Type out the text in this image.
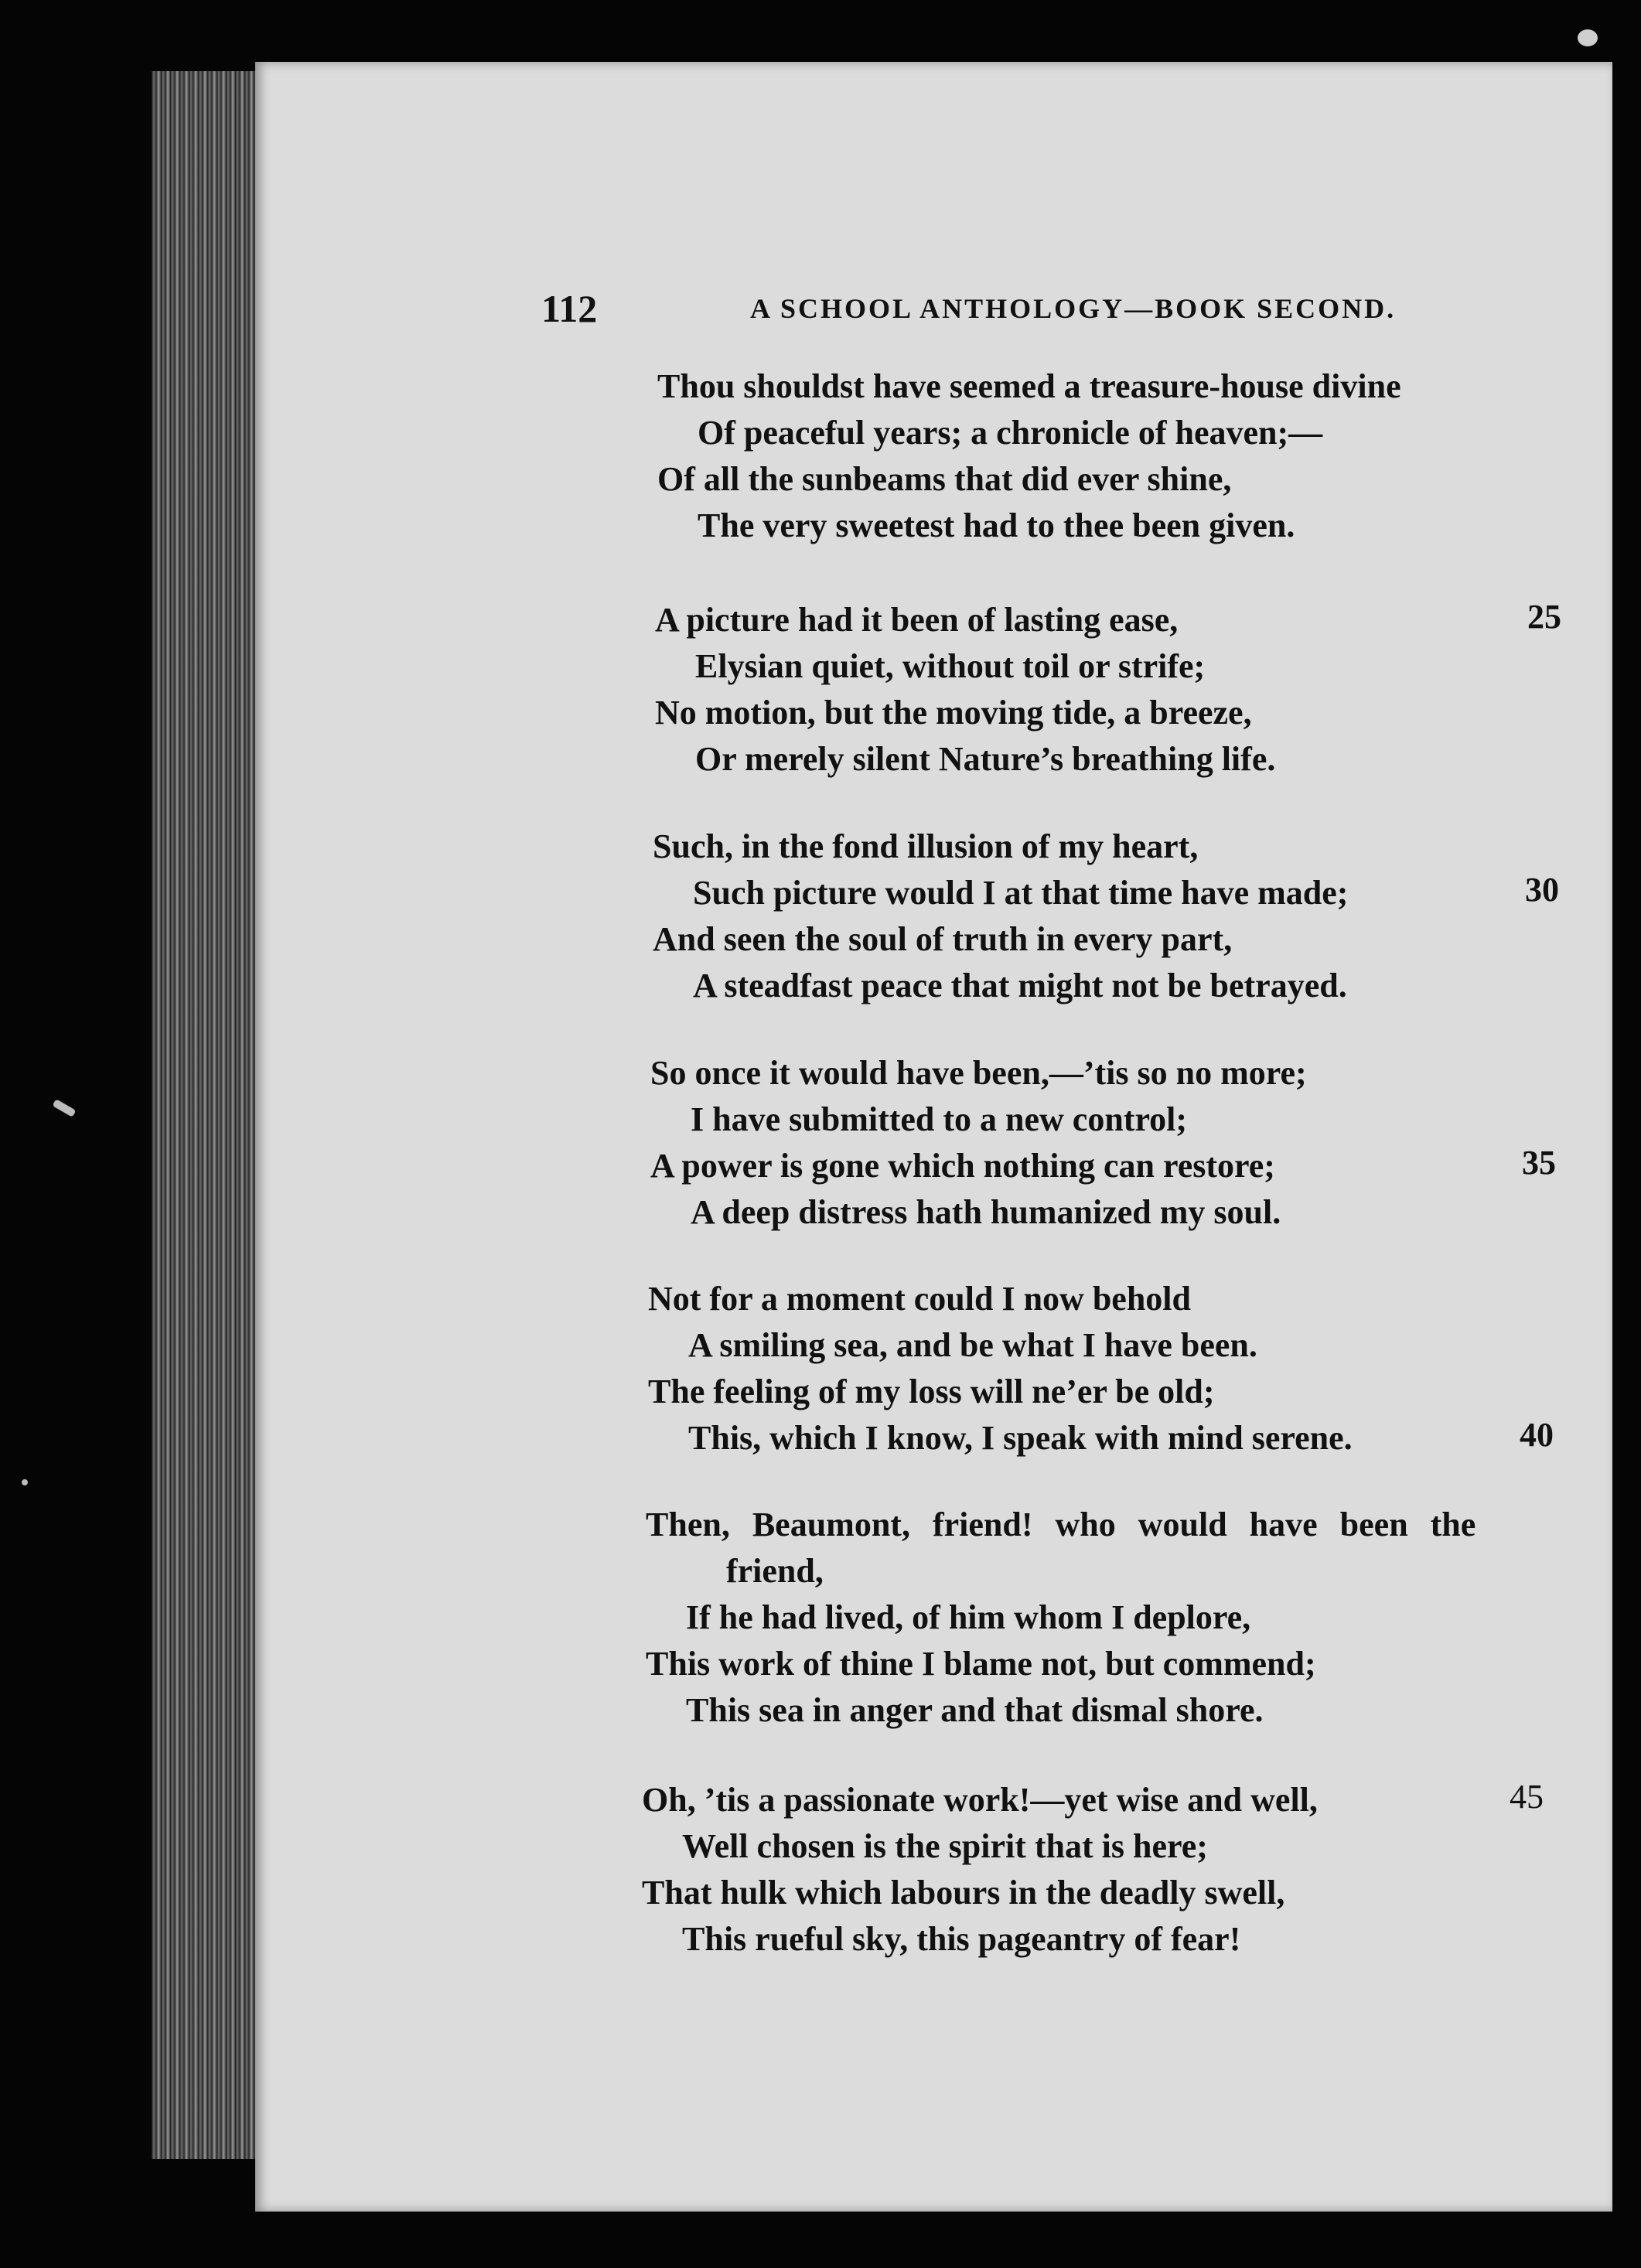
112	A SCHOOL ANTHOLOGY—BOOK SECOND.
Thou shouldst have seemed a treasure-house divine
Of peaceful years; a chronicle of heaven;—
Of all the sunbeams that did ever shine,
The very sweetest had to thee been given.
A picture had it been of lasting ease,
Elysian quiet, without toil or strife;
No motion, but the moving tide, a breeze,
Or merely silent Nature’s breathing life.
25
Such, in the fond illusion of my heart,
Such picture would I at that time have made;
And seen the soul of truth in every part,
A steadfast peace that might not be betrayed.
30
So once it would have been,—’tis so no more;
I have submitted to a new control;
A power is gone which nothing can restore;
A deep distress hath humanized my soul.
35
Not for a moment could I now behold
A smiling sea, and be what I have been.
The feeling of my loss will ne’er be old;
This, which I know, I speak with mind serene.	40
Then, Beaumont, friend! who would have been the
friend,
If he had lived, of him whom I deplore,
This work of thine I blame not, but commend;
This sea in anger and that dismal shore.
Oh, ’tis a passionate work!—yet wise and well,
Well chosen is the spirit that is here;
That hulk which labours in the deadly swell,
This rueful sky, this pageantry of fear!
45
